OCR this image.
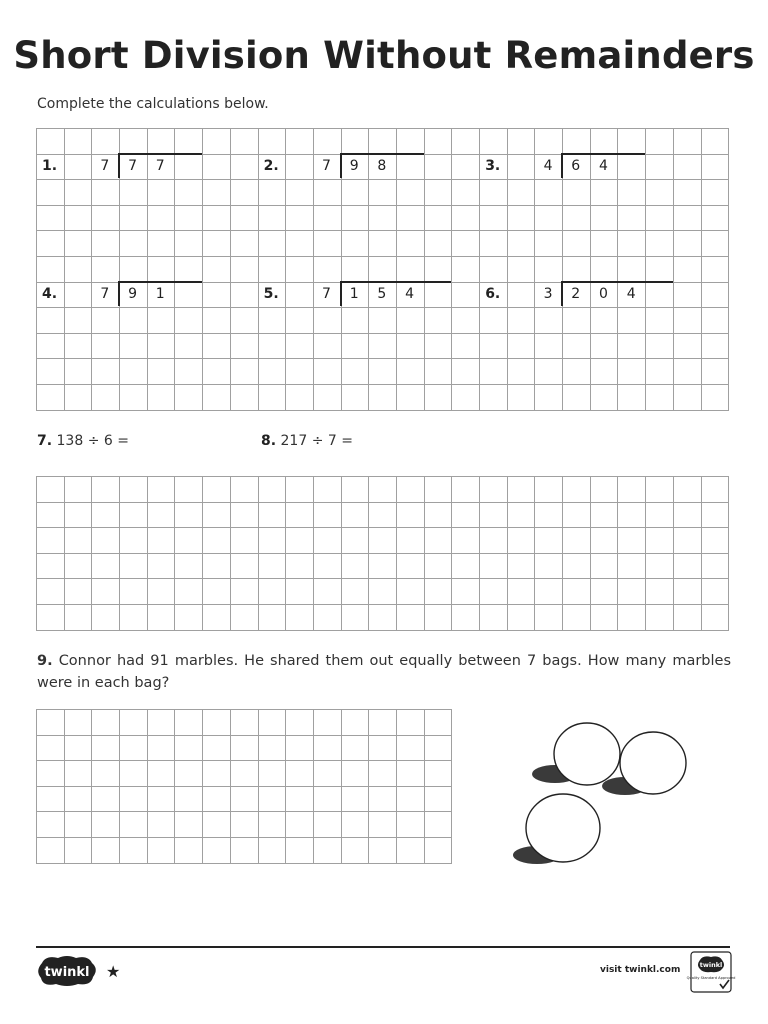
Short Division Without Remainders
Complete the calculations below.
1.	7 7 7	2.	7 9 8	3.	4 6 4
4.	7 9 1	5.	7 1 5 4	6.	3 2 0 4
7. 138 ÷ 6 =	8. 217 ÷ 7 =
9. Connor had 91 marbles. He shared them out equally between 7 bags. How many marbles were in each bag?
twinkl ★	visit twinkl.com	twinkl
Quality Standard Approved
